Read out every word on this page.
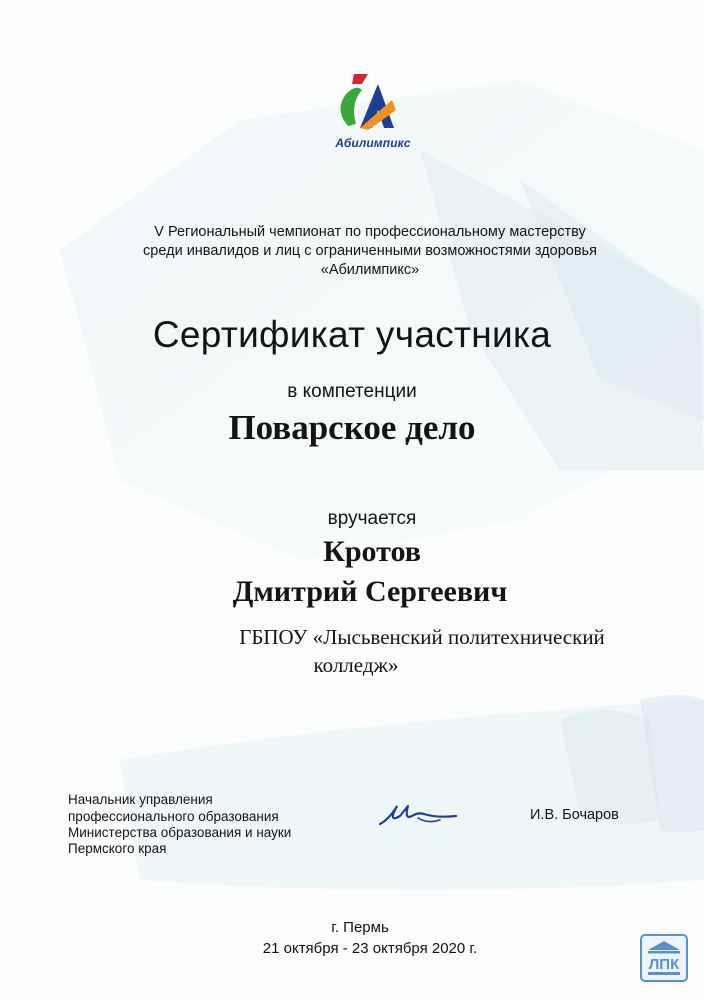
Абилимпикс
V Региональный чемпионат по профессиональному мастерству
среди инвалидов и лиц с ограниченными возможностями здоровья
«Абилимпикс»
Сертификат участника
в компетенции
Поварское дело
вручается
Кротов
Дмитрий Сергеевич
ГБПОУ «Лысьвенский политехнический
колледж»
Начальник управления
профессионального образования
Министерства образования и науки
Пермского края
И.В. Бочаров
г. Пермь
21 октября - 23 октября 2020 г.
ЛПК
